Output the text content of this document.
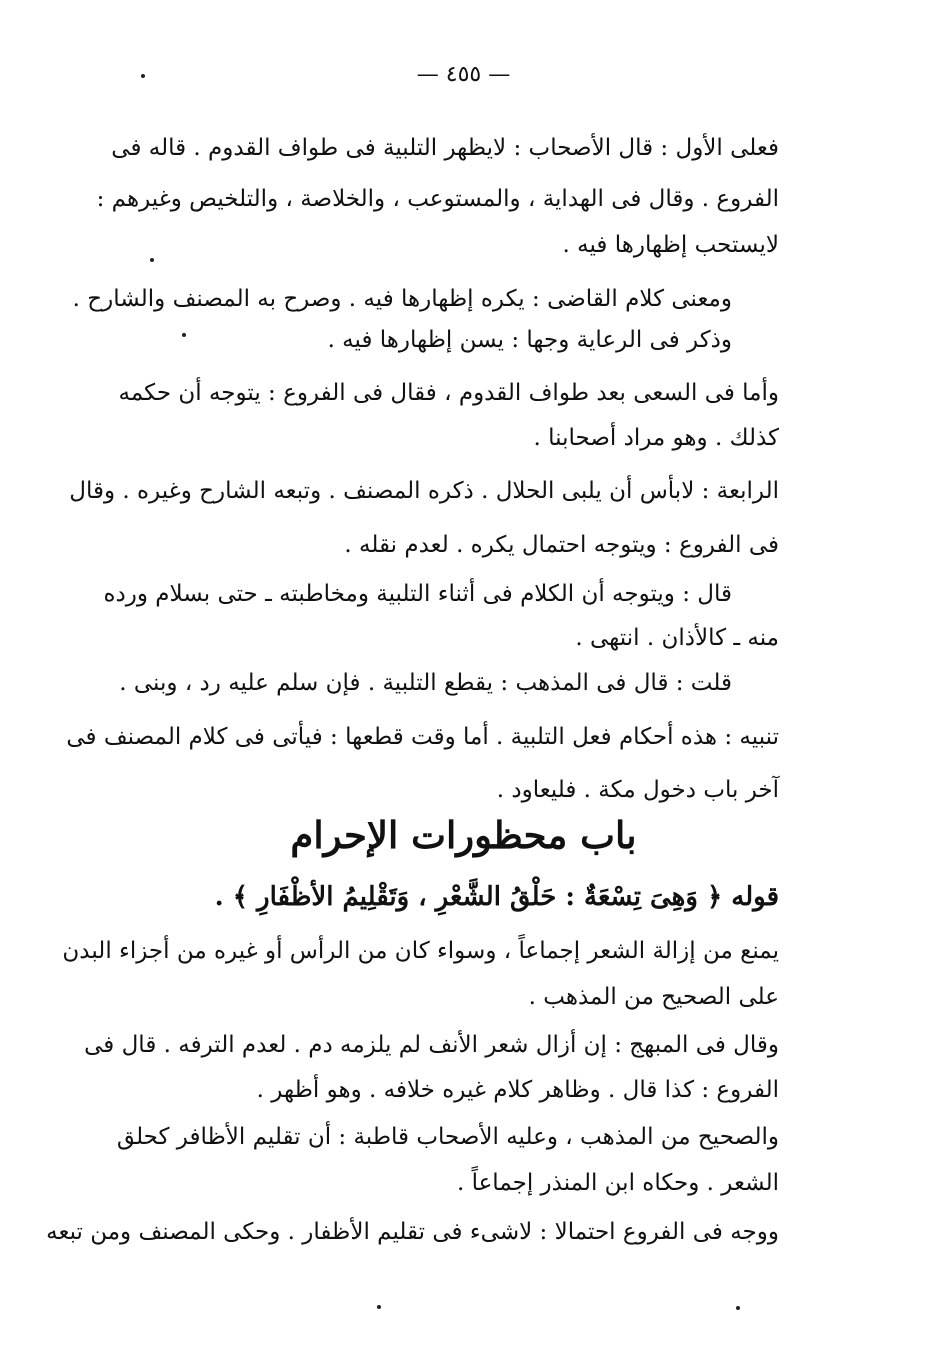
— ٤٥٥ —
فعلى الأول : قال الأصحاب : لايظهر التلبية فى طواف القدوم . قاله فى
الفروع . وقال فى الهداية ، والمستوعب ، والخلاصة ، والتلخيص وغيرهم :
لايستحب إظهارها فيه .
ومعنى كلام القاضى : يكره إظهارها فيه . وصرح به المصنف والشارح .
وذكر فى الرعاية وجها : يسن إظهارها فيه .
وأما فى السعى بعد طواف القدوم ، فقال فى الفروع : يتوجه أن حكمه
كذلك . وهو مراد أصحابنا .
الرابعة : لابأس أن يلبى الحلال . ذكره المصنف . وتبعه الشارح وغيره . وقال
فى الفروع : ويتوجه احتمال يكره . لعدم نقله .
قال : ويتوجه أن الكلام فى أثناء التلبية ومخاطبته ـ حتى بسلام ورده
منه ـ كالأذان . انتهى .
قلت : قال فى المذهب : يقطع التلبية . فإن سلم عليه رد ، وبنى .
تنبيه : هذه أحكام فعل التلبية . أما وقت قطعها : فيأتى فى كلام المصنف فى
آخر باب دخول مكة . فليعاود .
باب محظورات الإحرام
قوله ﴿ وَهِىَ تِسْعَةٌ : حَلْقُ الشَّعْرِ ، وَتَقْلِيمُ الأظْفَارِ ﴾ .
يمنع من إزالة الشعر إجماعاً ، وسواء كان من الرأس أو غيره من أجزاء البدن
على الصحيح من المذهب .
وقال فى المبهج : إن أزال شعر الأنف لم يلزمه دم . لعدم الترفه . قال فى
الفروع : كذا قال . وظاهر كلام غيره خلافه . وهو أظهر .
والصحيح من المذهب ، وعليه الأصحاب قاطبة : أن تقليم الأظافر كحلق
الشعر . وحكاه ابن المنذر إجماعاً .
ووجه فى الفروع احتمالا : لاشىء فى تقليم الأظفار . وحكى المصنف ومن تبعه
